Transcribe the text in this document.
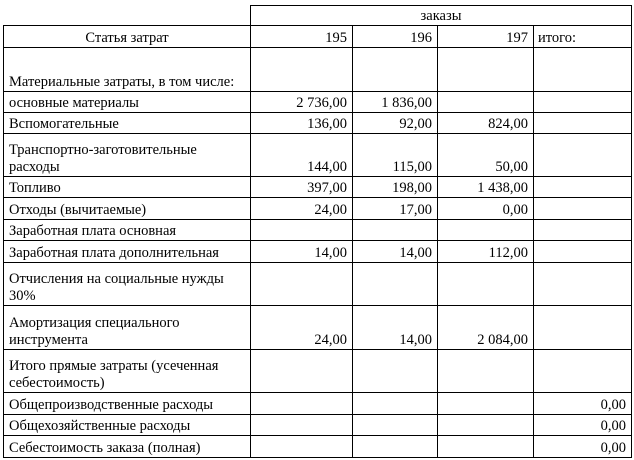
	заказы			
Статья затрат	195	196	197	итого:
Материальные затраты, в том числе:				
основные материалы	2 736,00	1 836,00		
Вспомогательные	136,00	92,00	824,00	
Транспортно-заготовительные расходы	144,00	115,00	50,00	
Топливо	397,00	198,00	1 438,00	
Отходы (вычитаемые)	24,00	17,00	0,00	
Заработная плата основная				
Заработная плата дополнительная	14,00	14,00	112,00	
Отчисления на социальные нужды 30%				
Амортизация специального инструмента	24,00	14,00	2 084,00	
Итого прямые затраты (усеченная себестоимость)				
Общепроизводственные расходы				0,00
Общехозяйственные расходы				0,00
Себестоимость заказа (полная)				0,00
